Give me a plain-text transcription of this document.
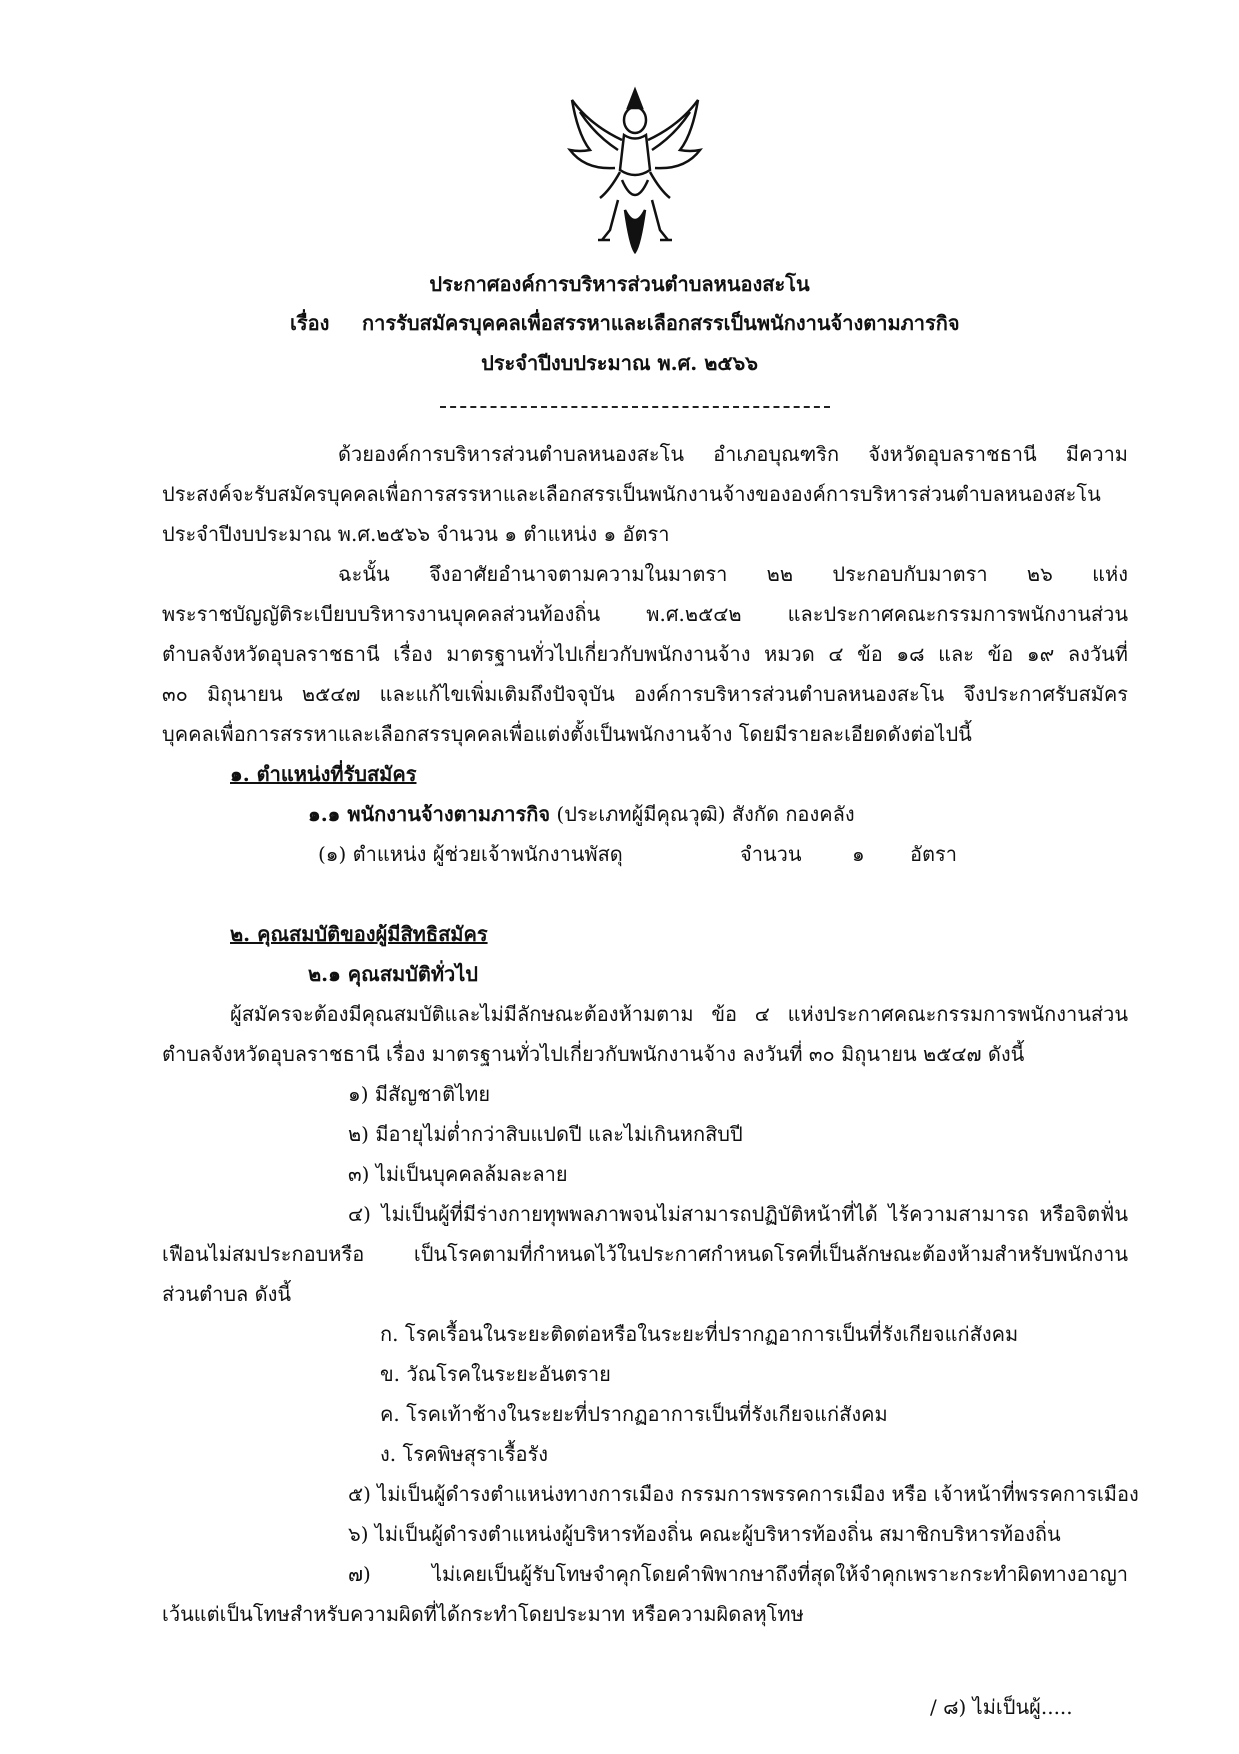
ประกาศองค์การบริหารส่วนตำบลหนองสะโน
เรื่อง การรับสมัครบุคคลเพื่อสรรหาและเลือกสรรเป็นพนักงานจ้างตามภารกิจ
ประจำปีงบประมาณ พ.ศ. ๒๕๖๖
ด้วยองค์การบริหารส่วนตำบลหนองสะโน อำเภอบุณฑริก จังหวัดอุบลราชธานี มีความ
ประสงค์จะรับสมัครบุคคลเพื่อการสรรหาและเลือกสรรเป็นพนักงานจ้างขององค์การบริหารส่วนตำบลหนองสะโน
ประจำปีงบประมาณ พ.ศ.๒๕๖๖ จำนวน ๑ ตำแหน่ง ๑ อัตรา
ฉะนั้น จึงอาศัยอำนาจตามความในมาตรา ๒๒ ประกอบกับมาตรา ๒๖ แห่ง
พระราชบัญญัติระเบียบบริหารงานบุคคลส่วนท้องถิ่น พ.ศ.๒๕๔๒ และประกาศคณะกรรมการพนักงานส่วน
ตำบลจังหวัดอุบลราชธานี เรื่อง มาตรฐานทั่วไปเกี่ยวกับพนักงานจ้าง หมวด ๔ ข้อ ๑๘ และ ข้อ ๑๙ ลงวันที่
๓๐ มิถุนายน ๒๕๔๗ และแก้ไขเพิ่มเติมถึงปัจจุบัน องค์การบริหารส่วนตำบลหนองสะโน จึงประกาศรับสมัคร
บุคคลเพื่อการสรรหาและเลือกสรรบุคคลเพื่อแต่งตั้งเป็นพนักงานจ้าง โดยมีรายละเอียดดังต่อไปนี้
๑. ตำแหน่งที่รับสมัคร
๑.๑ พนักงานจ้างตามภารกิจ (ประเภทผู้มีคุณวุฒิ) สังกัด กองคลัง
(๑) ตำแหน่ง ผู้ช่วยเจ้าพนักงานพัสดุ	จำนวน	๑ อัตรา
๒. คุณสมบัติของผู้มีสิทธิสมัคร
๒.๑ คุณสมบัติทั่วไป
ผู้สมัครจะต้องมีคุณสมบัติและไม่มีลักษณะต้องห้ามตาม ข้อ ๔ แห่งประกาศคณะกรรมการพนักงานส่วน
ตำบลจังหวัดอุบลราชธานี เรื่อง มาตรฐานทั่วไปเกี่ยวกับพนักงานจ้าง ลงวันที่ ๓๐ มิถุนายน ๒๕๔๗ ดังนี้
๑) มีสัญชาติไทย
๒) มีอายุไม่ต่ำกว่าสิบแปดปี และไม่เกินหกสิบปี
๓) ไม่เป็นบุคคลล้มละลาย
๔) ไม่เป็นผู้ที่มีร่างกายทุพพลภาพจนไม่สามารถปฏิบัติหน้าที่ได้ ไร้ความสามารถ หรือจิตฟั่น
เฟือนไม่สมประกอบหรือ เป็นโรคตามที่กำหนดไว้ในประกาศกำหนดโรคที่เป็นลักษณะต้องห้ามสำหรับพนักงาน
ส่วนตำบล ดังนี้
ก. โรคเรื้อนในระยะติดต่อหรือในระยะที่ปรากฏอาการเป็นที่รังเกียจแก่สังคม
ข. วัณโรคในระยะอันตราย
ค. โรคเท้าช้างในระยะที่ปรากฏอาการเป็นที่รังเกียจแก่สังคม
ง. โรคพิษสุราเรื้อรัง
๕) ไม่เป็นผู้ดำรงตำแหน่งทางการเมือง กรรมการพรรคการเมือง หรือ เจ้าหน้าที่พรรคการเมือง
๖) ไม่เป็นผู้ดำรงตำแหน่งผู้บริหารท้องถิ่น คณะผู้บริหารท้องถิ่น สมาชิกบริหารท้องถิ่น
๗) ไม่เคยเป็นผู้รับโทษจำคุกโดยคำพิพากษาถึงที่สุดให้จำคุกเพราะกระทำผิดทางอาญา
เว้นแต่เป็นโทษสำหรับความผิดที่ได้กระทำโดยประมาท หรือความผิดลหุโทษ
/ ๘) ไม่เป็นผู้.....
